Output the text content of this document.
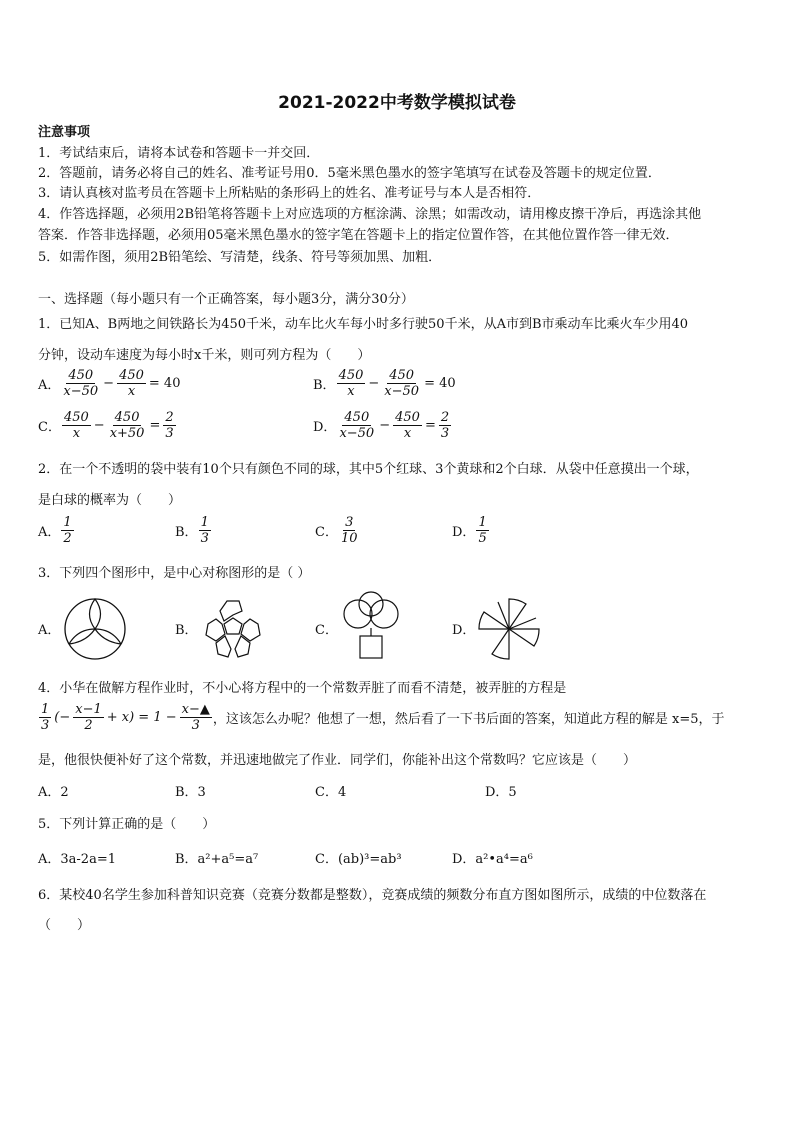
2021-2022中考数学模拟试卷
注意事项
1．考试结束后，请将本试卷和答题卡一并交回．
2．答题前，请务必将自己的姓名、准考证号用0．5毫米黑色墨水的签字笔填写在试卷及答题卡的规定位置．
3．请认真核对监考员在答题卡上所粘贴的条形码上的姓名、准考证号与本人是否相符．
4．作答选择题，必须用2B铅笔将答题卡上对应选项的方框涂满、涂黑；如需改动，请用橡皮擦干净后，再选涂其他
答案．作答非选择题，必须用05毫米黑色墨水的签字笔在答题卡上的指定位置作答，在其他位置作答一律无效．
5．如需作图，须用2B铅笔绘、写清楚，线条、符号等须加黑、加粗．
一、选择题（每小题只有一个正确答案，每小题3分，满分30分）
1．已知A、B两地之间铁路长为450千米，动车比火车每小时多行驶50千米，从A市到B市乘动车比乘火车少用40
分钟，设动车速度为每小时x千米，则可列方程为（　　）
A． $\frac{450}{x-50} - \frac{450}{x} = 40$	B． $\frac{450}{x} - \frac{450}{x-50} = 40$
C． $\frac{450}{x} - \frac{450}{x+50} = \frac{2}{3}$	D． $\frac{450}{x-50} - \frac{450}{x} = \frac{2}{3}$
2．在一个不透明的袋中装有10个只有颜色不同的球，其中5个红球、3个黄球和2个白球．从袋中任意摸出一个球，
是白球的概率为（　　）
A． $\frac{1}{2}$	B． $\frac{1}{3}$	C． $\frac{3}{10}$	D． $\frac{1}{5}$
3．下列四个图形中，是中心对称图形的是（ ）
A．	B．	C．	D．
4．小华在做解方程作业时，不小心将方程中的一个常数弄脏了而看不清楚，被弄脏的方程是
$\frac{1}{3}$ (− $\frac{x-1}{2} + x) = 1 - \frac{x-▲}{3}$ ，这该怎么办呢？他想了一想，然后看了一下书后面的答案，知道此方程的解是 x=5，于
是，他很快便补好了这个常数，并迅速地做完了作业．同学们，你能补出这个常数吗？它应该是（　　）
A．2	B．3	C．4	D．5
5．下列计算正确的是（　　）
A．3a-2a=1	B．a²+a⁵=a⁷	C．(ab)³=ab³	D．a²•a⁴=a⁶
6．某校40名学生参加科普知识竞赛（竞赛分数都是整数），竞赛成绩的频数分布直方图如图所示，成绩的中位数落在
（　　）
